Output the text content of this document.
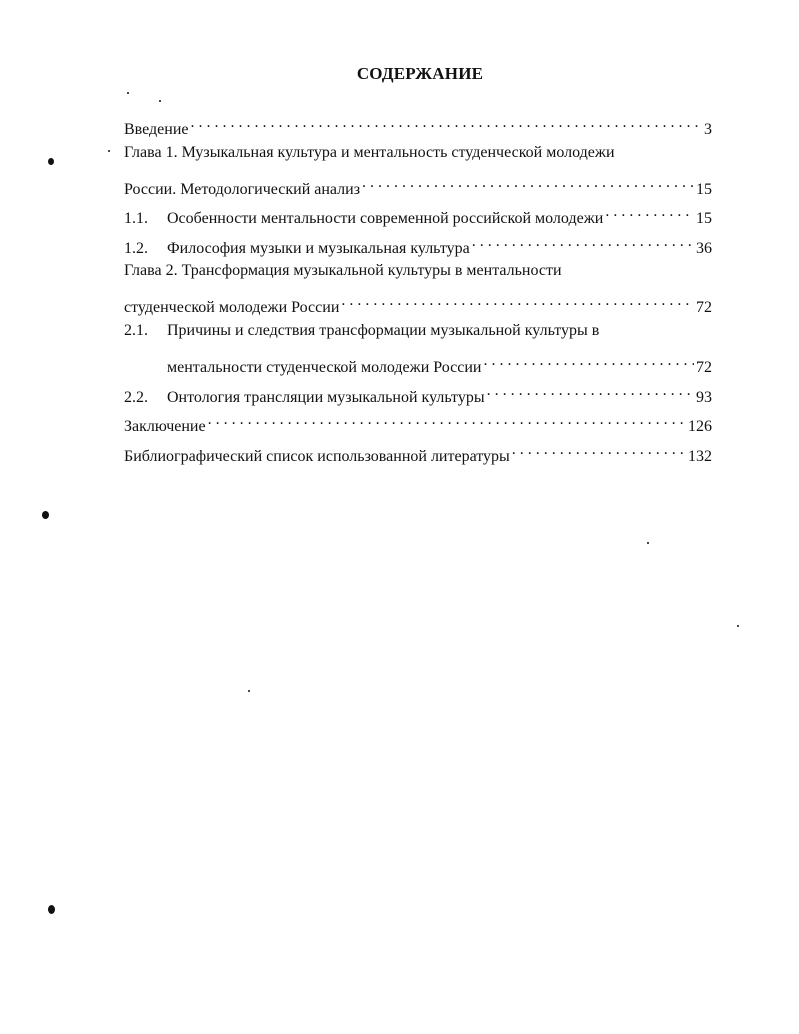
СОДЕРЖАНИЕ
Введение . . .	3
Глава 1. Музыкальная культура и ментальность студенческой молодежи
России. Методологический анализ . . .	15
1.1.	Особенности ментальности современной российской молодежи . . .	15
1.2.	Философия музыки и музыкальная культура . . .	36
Глава 2. Трансформация музыкальной культуры в ментальности
студенческой молодежи России . . .	72
2.1.	Причины и следствия трансформации музыкальной культуры в
ментальности студенческой молодежи России . . .	72
2.2.	Онтология трансляции музыкальной культуры . . .	93
Заключение . . .	126
Библиографический список использованной литературы . . .	132
